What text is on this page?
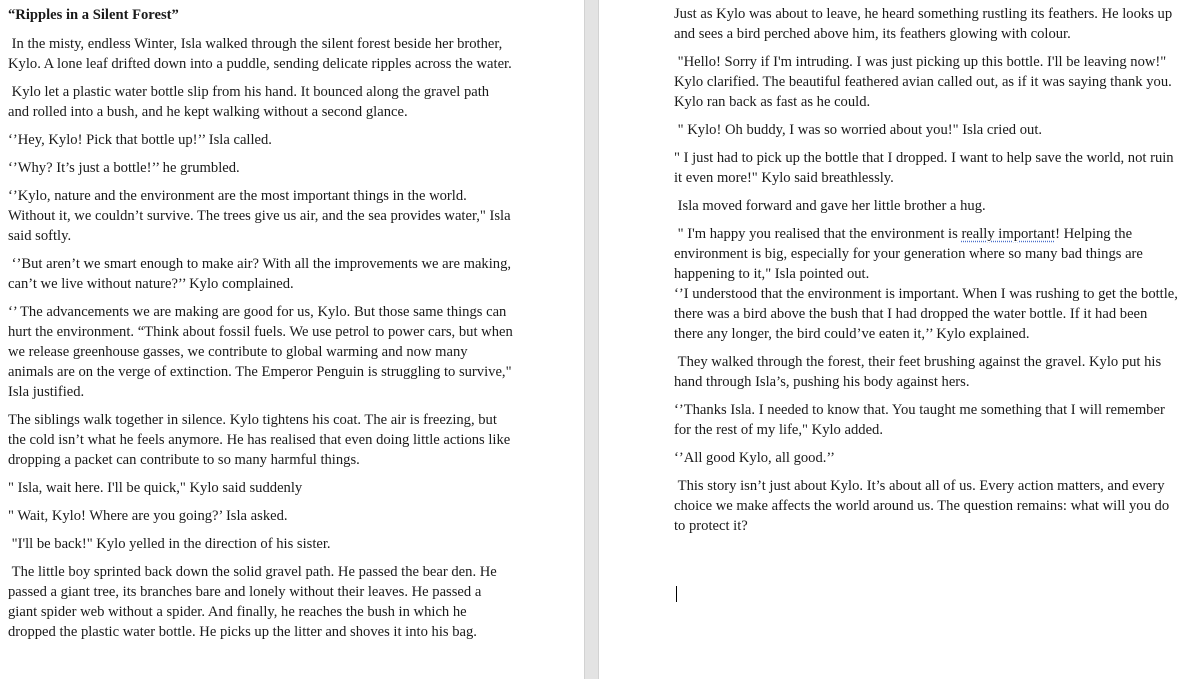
“Ripples in a Silent Forest”

In the misty, endless Winter, Isla walked through the silent forest beside her brother, Kylo. A lone leaf drifted down into a puddle, sending delicate ripples across the water.

Kylo let a plastic water bottle slip from his hand. It bounced along the gravel path and rolled into a bush, and he kept walking without a second glance.

‘’Hey, Kylo! Pick that bottle up!’’ Isla called.

‘’Why? It’s just a bottle!’’ he grumbled.

‘’Kylo, nature and the environment are the most important things in the world. Without it, we couldn’t survive. The trees give us air, and the sea provides water," Isla said softly.

‘’But aren’t we smart enough to make air? With all the improvements we are making, can’t we live without nature?’’ Kylo complained.

‘’ The advancements we are making are good for us, Kylo. But those same things can hurt the environment. “Think about fossil fuels. We use petrol to power cars, but when we release greenhouse gasses, we contribute to global warming and now many animals are on the verge of extinction. The Emperor Penguin is struggling to survive," Isla justified.

The siblings walk together in silence. Kylo tightens his coat. The air is freezing, but the cold isn’t what he feels anymore. He has realised that even doing little actions like dropping a packet can contribute to so many harmful things.

" Isla, wait here. I'll be quick," Kylo said suddenly

" Wait, Kylo! Where are you going?’ Isla asked.

"I'll be back!" Kylo yelled in the direction of his sister.

The little boy sprinted back down the solid gravel path. He passed the bear den. He passed a giant tree, its branches bare and lonely without their leaves. He passed a giant spider web without a spider. And finally, he reaches the bush in which he dropped the plastic water bottle. He picks up the litter and shoves it into his bag.

Just as Kylo was about to leave, he heard something rustling its feathers. He looks up and sees a bird perched above him, its feathers glowing with colour.

"Hello! Sorry if I'm intruding. I was just picking up this bottle. I'll be leaving now!" Kylo clarified. The beautiful feathered avian called out, as if it was saying thank you. Kylo ran back as fast as he could.

" Kylo! Oh buddy, I was so worried about you!" Isla cried out.

" I just had to pick up the bottle that I dropped. I want to help save the world, not ruin it even more!" Kylo said breathlessly.

Isla moved forward and gave her little brother a hug.

" I'm happy you realised that the environment is really important! Helping the environment is big, especially for your generation where so many bad things are happening to it," Isla pointed out.

‘’I understood that the environment is important. When I was rushing to get the bottle, there was a bird above the bush that I had dropped the water bottle. If it had been there any longer, the bird could’ve eaten it,’’ Kylo explained.

They walked through the forest, their feet brushing against the gravel. Kylo put his hand through Isla’s, pushing his body against hers.

‘’Thanks Isla. I needed to know that. You taught me something that I will remember for the rest of my life," Kylo added.

‘’All good Kylo, all good.’’

This story isn’t just about Kylo. It’s about all of us. Every action matters, and every choice we make affects the world around us. The question remains: what will you do to protect it?
